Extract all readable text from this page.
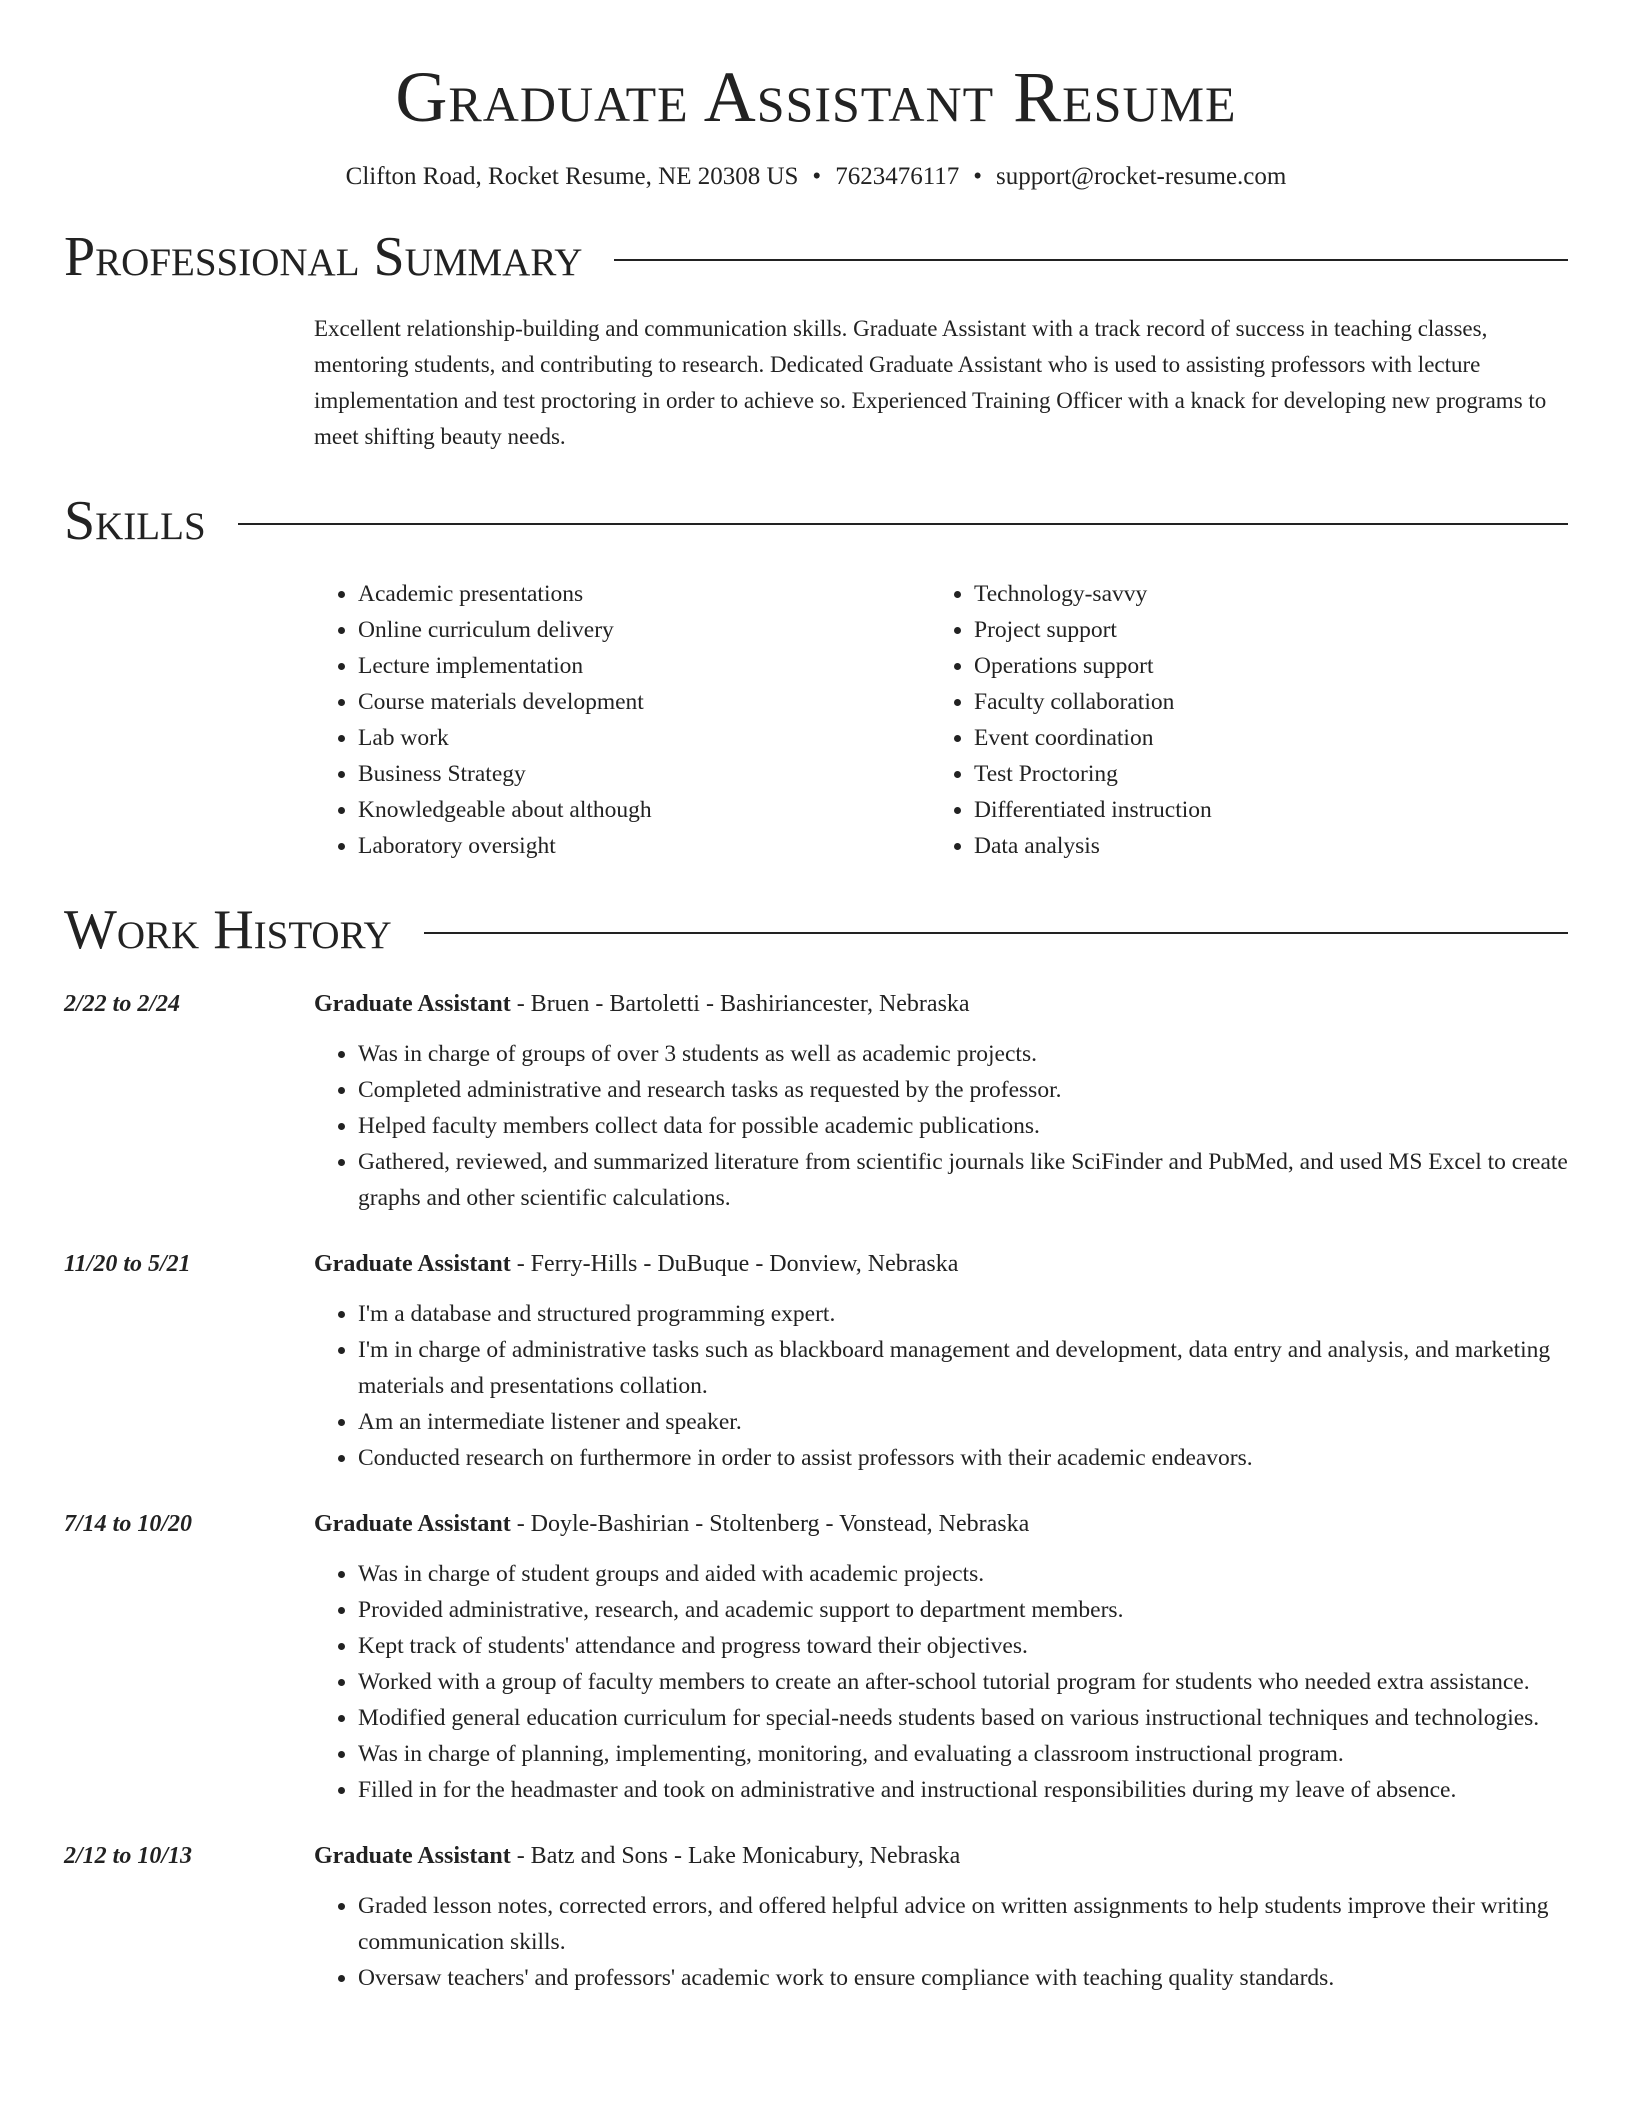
Graduate Assistant Resume
Clifton Road, Rocket Resume, NE 20308 US • 7623476117 • support@rocket-resume.com
Professional Summary

Excellent relationship-building and communication skills. Graduate Assistant with a track record of success in teaching classes, mentoring students, and contributing to research. Dedicated Graduate Assistant who is used to assisting professors with lecture implementation and test proctoring in order to achieve so. Experienced Training Officer with a knack for developing new programs to meet shifting beauty needs.

Skills
• Academic presentations
• Online curriculum delivery
• Lecture implementation
• Course materials development
• Lab work
• Business Strategy
• Knowledgeable about although
• Laboratory oversight
• Technology-savvy
• Project support
• Operations support
• Faculty collaboration
• Event coordination
• Test Proctoring
• Differentiated instruction
• Data analysis
Work History
2/22 to 2/24	Graduate Assistant - Bruen - Bartoletti - Bashiriancester, Nebraska
• Was in charge of groups of over 3 students as well as academic projects.
• Completed administrative and research tasks as requested by the professor.
• Helped faculty members collect data for possible academic publications.
• Gathered, reviewed, and summarized literature from scientific journals like SciFinder and PubMed, and used MS Excel to create graphs and other scientific calculations.
11/20 to 5/21	Graduate Assistant - Ferry-Hills - DuBuque - Donview, Nebraska
• I'm a database and structured programming expert.
• I'm in charge of administrative tasks such as blackboard management and development, data entry and analysis, and marketing materials and presentations collation.
• Am an intermediate listener and speaker.
• Conducted research on furthermore in order to assist professors with their academic endeavors.
7/14 to 10/20	Graduate Assistant - Doyle-Bashirian - Stoltenberg - Vonstead, Nebraska
• Was in charge of student groups and aided with academic projects.
• Provided administrative, research, and academic support to department members.
• Kept track of students' attendance and progress toward their objectives.
• Worked with a group of faculty members to create an after-school tutorial program for students who needed extra assistance.
• Modified general education curriculum for special-needs students based on various instructional techniques and technologies.
• Was in charge of planning, implementing, monitoring, and evaluating a classroom instructional program.
• Filled in for the headmaster and took on administrative and instructional responsibilities during my leave of absence.
2/12 to 10/13	Graduate Assistant - Batz and Sons - Lake Monicabury, Nebraska
• Graded lesson notes, corrected errors, and offered helpful advice on written assignments to help students improve their writing communication skills.
• Oversaw teachers' and professors' academic work to ensure compliance with teaching quality standards.
